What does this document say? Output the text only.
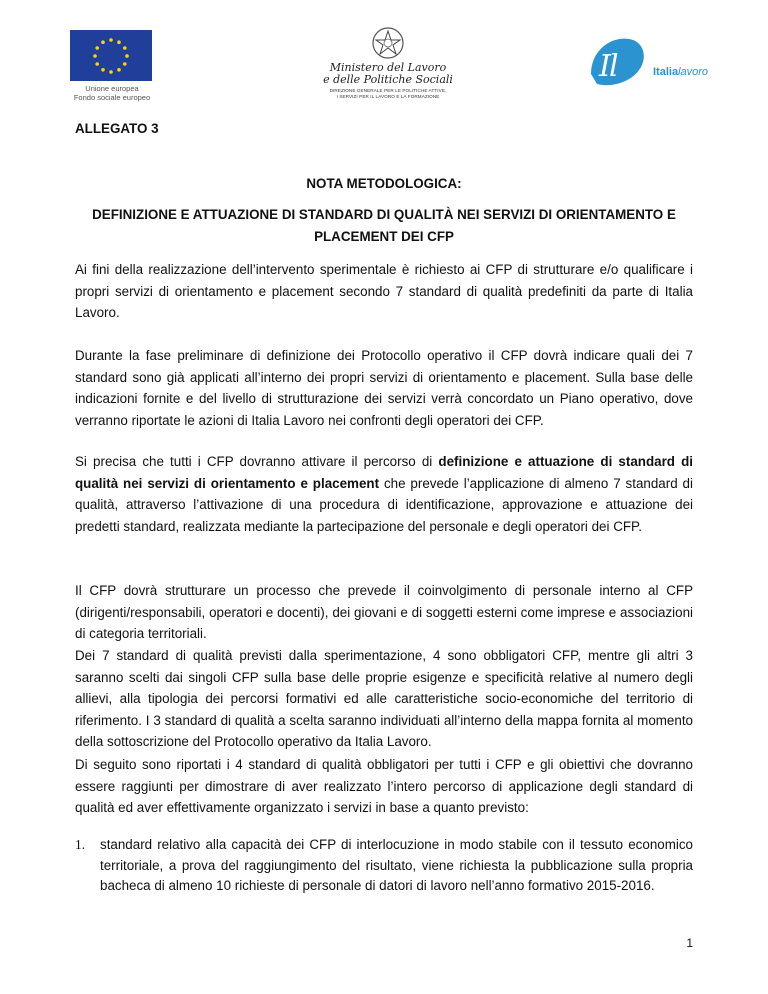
Unione europea
Fondo sociale europeo
Ministero del Lavoro
e delle Politiche Sociali
DIREZIONE GENERALE PER LE POLITICHE ATTIVE,
I SERVIZI PER IL LAVORO E LA FORMAZIONE
I
l	Italialavoro
ALLEGATO 3
NOTA METODOLOGICA:
DEFINIZIONE E ATTUAZIONE DI STANDARD DI QUALITÀ NEI SERVIZI DI ORIENTAMENTO E PLACEMENT DEI CFP
Ai fini della realizzazione dell’intervento sperimentale è richiesto ai CFP di strutturare e/o qualificare i propri servizi di orientamento e placement secondo 7 standard di qualità predefiniti da parte di Italia Lavoro.
Durante la fase preliminare di definizione dei Protocollo operativo il CFP dovrà indicare quali dei 7 standard sono già applicati all’interno dei propri servizi di orientamento e placement. Sulla base delle indicazioni fornite e del livello di strutturazione dei servizi verrà concordato un Piano operativo, dove verranno riportate le azioni di Italia Lavoro nei confronti degli operatori dei CFP.
Si precisa che tutti i CFP dovranno attivare il percorso di definizione e attuazione di standard di qualità nei servizi di orientamento e placement che prevede l’applicazione di almeno 7 standard di qualità, attraverso l’attivazione di una procedura di identificazione, approvazione e attuazione dei predetti standard, realizzata mediante la partecipazione del personale e degli operatori dei CFP.
Il CFP dovrà strutturare un processo che prevede il coinvolgimento di personale interno al CFP (dirigenti/responsabili, operatori e docenti), dei giovani e di soggetti esterni come imprese e associazioni di categoria territoriali.
Dei 7 standard di qualità previsti dalla sperimentazione, 4 sono obbligatori CFP, mentre gli altri 3 saranno scelti dai singoli CFP sulla base delle proprie esigenze e specificità relative al numero degli allievi, alla tipologia dei percorsi formativi ed alle caratteristiche socio-economiche del territorio di riferimento. I 3 standard di qualità a scelta saranno individuati all’interno della mappa fornita al momento della sottoscrizione del Protocollo operativo da Italia Lavoro.
Di seguito sono riportati i 4 standard di qualità obbligatori per tutti i CFP e gli obiettivi che dovranno essere raggiunti per dimostrare di aver realizzato l’intero percorso di applicazione degli standard di qualità ed aver effettivamente organizzato i servizi in base a quanto previsto:
1. standard relativo alla capacità dei CFP di interlocuzione in modo stabile con il tessuto economico territoriale, a prova del raggiungimento del risultato, viene richiesta la pubblicazione sulla propria bacheca di almeno 10 richieste di personale di datori di lavoro nell’anno formativo 2015-2016.
1
